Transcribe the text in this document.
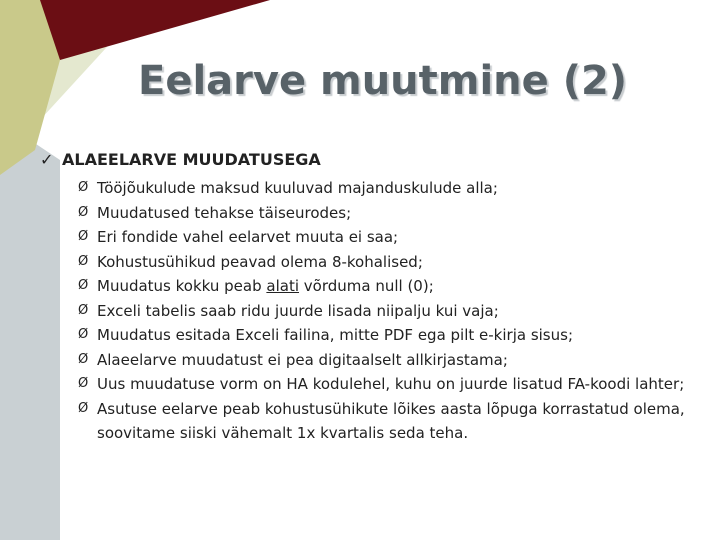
Eelarve muutmine (2)
✓ ALAEELARVE MUUDATUSEGA
Ø Tööjõukulude maksud kuuluvad majanduskulude alla;
Ø Muudatused tehakse täiseurodes;
Ø Eri fondide vahel eelarvet muuta ei saa;
Ø Kohustusühikud peavad olema 8-kohalised;
Ø Muudatus kokku peab alati võrduma null (0);
Ø Exceli tabelis saab ridu juurde lisada niipalju kui vaja;
Ø Muudatus esitada Exceli failina, mitte PDF ega pilt e-kirja sisus;
Ø Alaeelarve muudatust ei pea digitaalselt allkirjastama;
Ø Uus muudatuse vorm on HA kodulehel, kuhu on juurde lisatud FA-koodi lahter;
Ø Asutuse eelarve peab kohustusühikute lõikes aasta lõpuga korrastatud olema, soovitame siiski vähemalt 1x kvartalis seda teha.
